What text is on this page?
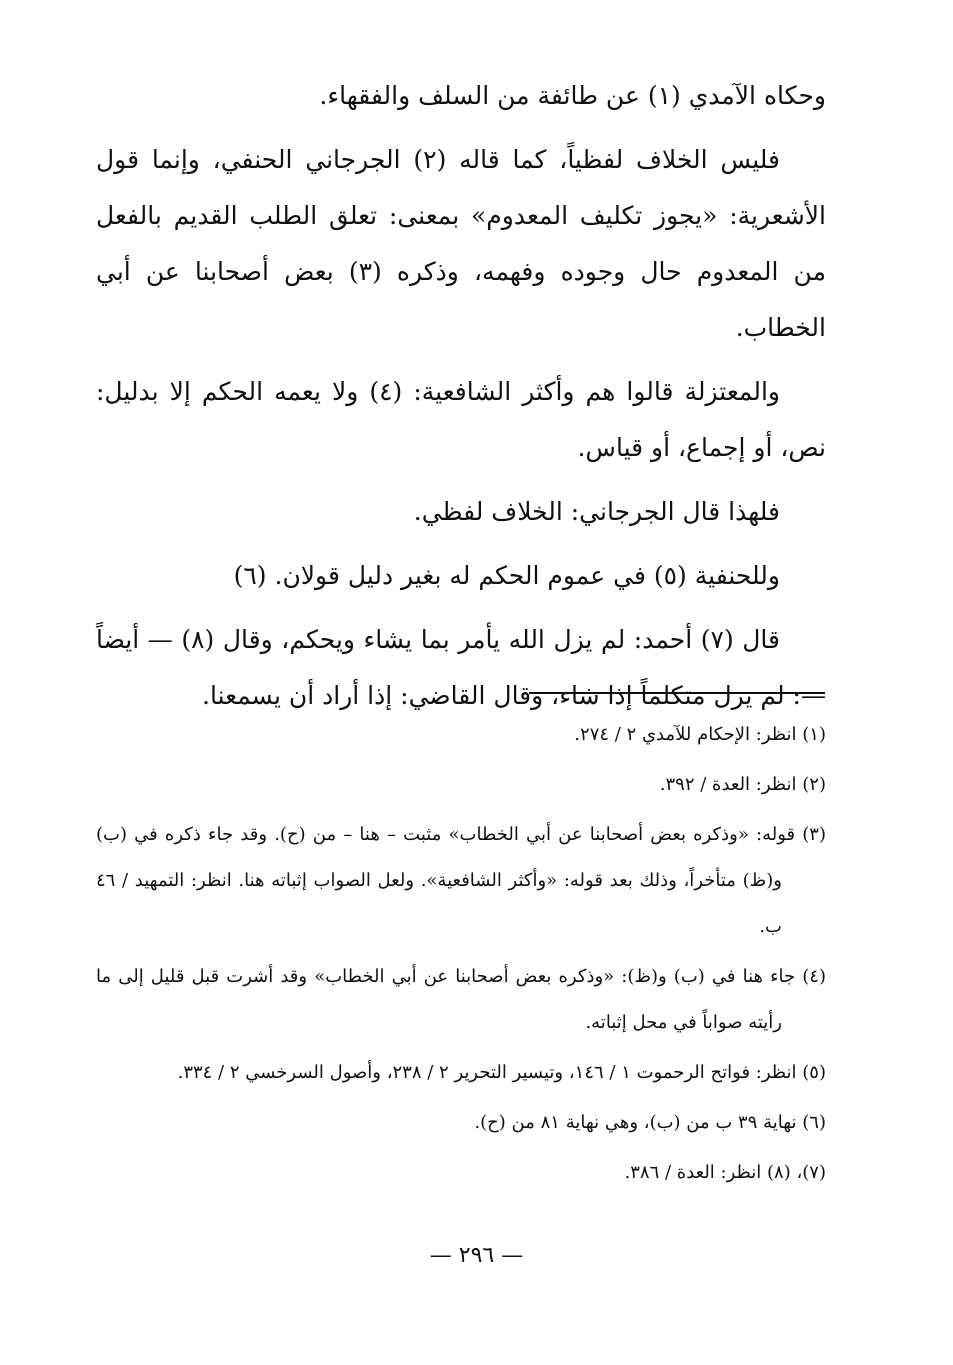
وحكاه الآمدي (١) عن طائفة من السلف والفقهاء.

فليس الخلاف لفظياً، كما قاله (٢) الجرجاني الحنفي، وإنما قول الأشعرية: «يجوز تكليف المعدوم» بمعنى: تعلق الطلب القديم بالفعل من المعدوم حال وجوده وفهمه، وذكره (٣) بعض أصحابنا عن أبي الخطاب.

والمعتزلة قالوا هم وأكثر الشافعية: (٤) ولا يعمه الحكم إلا بدليل: نص، أو إجماع، أو قياس.

فلهذا قال الجرجاني: الخلاف لفظي.

وللحنفية (٥) في عموم الحكم له بغير دليل قولان. (٦)

قال (٧) أحمد: لم يزل الله يأمر بما يشاء ويحكم، وقال (٨) — أيضاً —: لم يزل متكلماً إذا شاء، وقال القاضي: إذا أراد أن يسمعنا.

(١) انظر: الإحكام للآمدي ٢ / ٢٧٤.

(٢) انظر: العدة / ٣٩٢.

(٣) قوله: «وذكره بعض أصحابنا عن أبي الخطاب» مثبت – هنا – من (ح). وقد جاء ذكره في (ب) و(ظ) متأخراً، وذلك بعد قوله: «وأكثر الشافعية». ولعل الصواب إثباته هنا. انظر: التمهيد / ٤٦ ب.

(٤) جاء هنا في (ب) و(ظ): «وذكره بعض أصحابنا عن أبي الخطاب» وقد أشرت قبل قليل إلى ما رأيته صواباً في محل إثباته.

(٥) انظر: فواتح الرحموت ١ / ١٤٦، وتيسير التحرير ٢ / ٢٣٨، وأصول السرخسي ٢ / ٣٣٤.

(٦) نهاية ٣٩ ب من (ب)، وهي نهاية ٨١ من (ح).

(٧)، (٨) انظر: العدة / ٣٨٦.

— ٢٩٦ —
